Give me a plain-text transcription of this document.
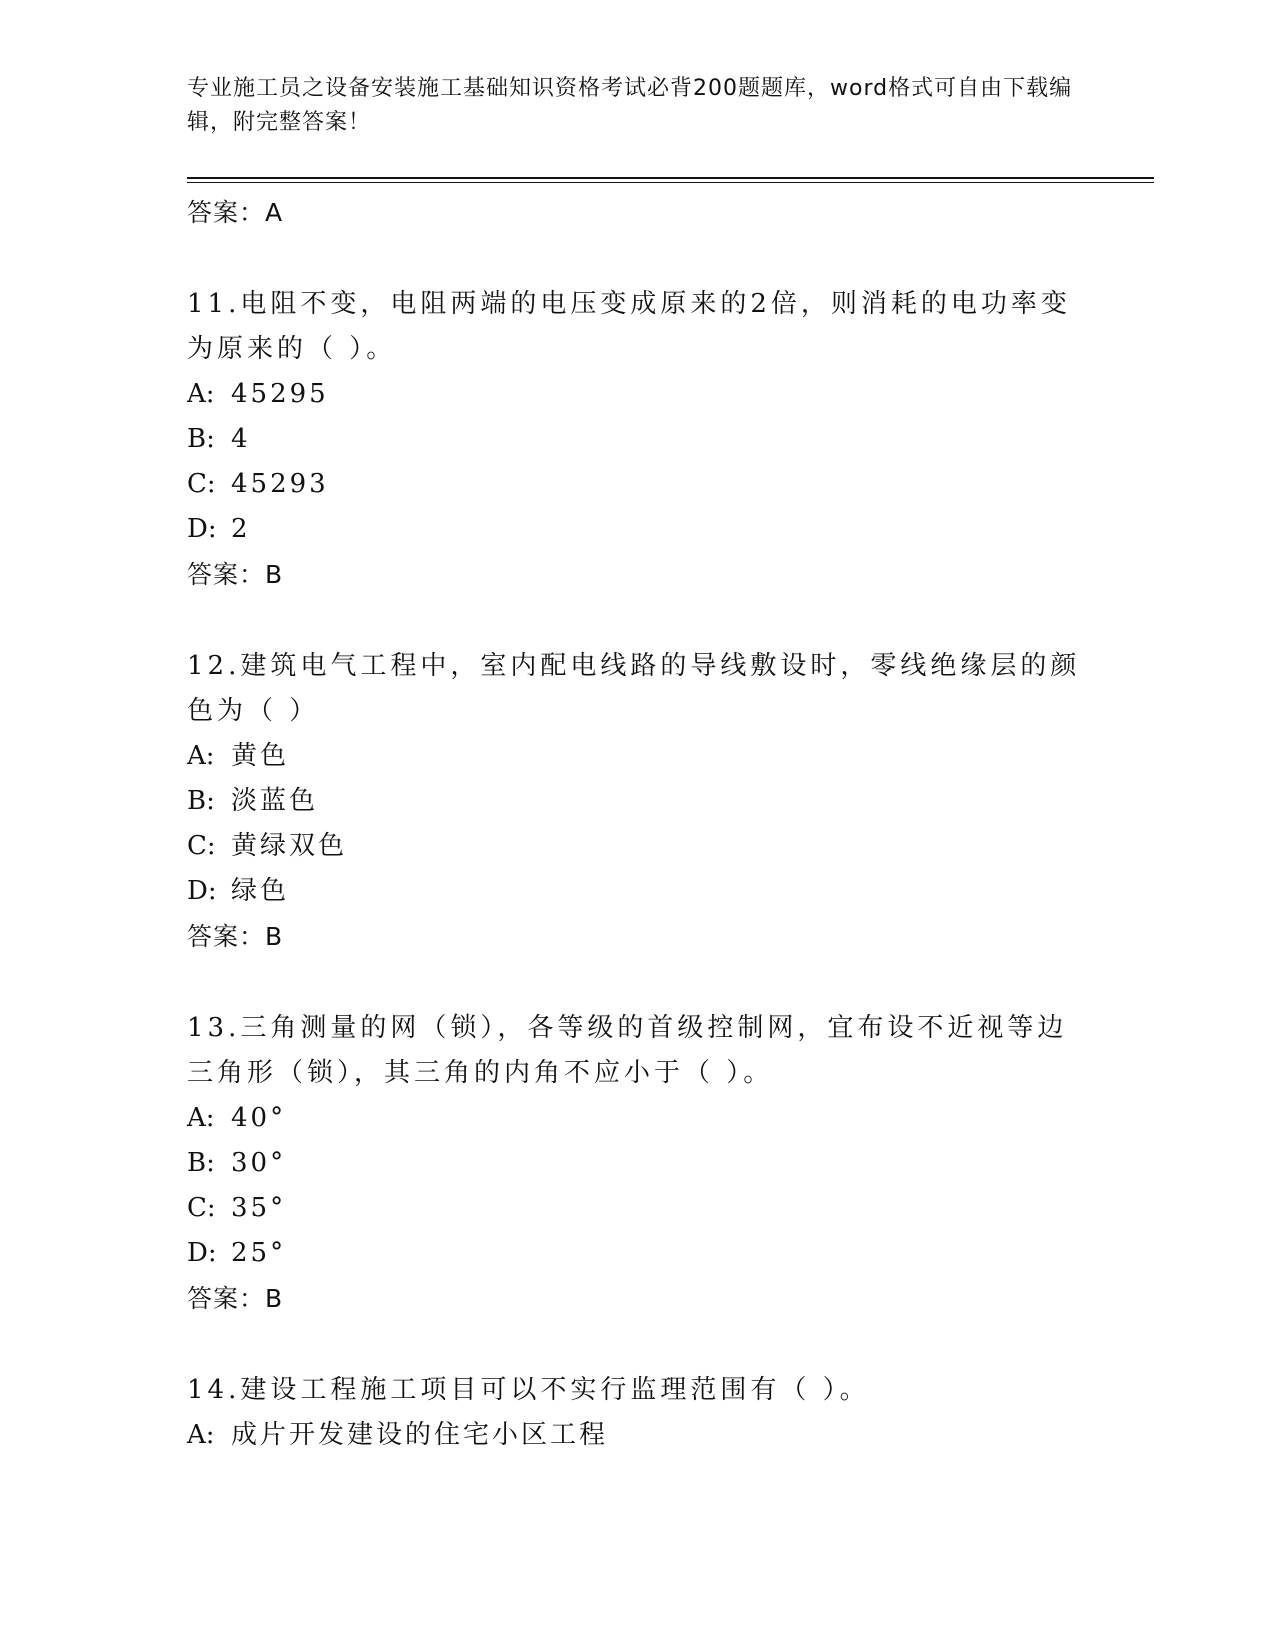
专业施工员之设备安装施工基础知识资格考试必背200题题库，word格式可自由下载编辑，附完整答案！
答案：A
11.电阻不变，电阻两端的电压变成原来的2倍，则消耗的电功率变为原来的（ ）。
A: 45295
B: 4
C: 45293
D: 2
答案：B
12.建筑电气工程中，室内配电线路的导线敷设时，零线绝缘层的颜色为（ ）
A: 黄色
B: 淡蓝色
C: 黄绿双色
D: 绿色
答案：B
13.三角测量的网（锁），各等级的首级控制网，宜布设不近视等边三角形（锁），其三角的内角不应小于（ ）。
A: 40°
B: 30°
C: 35°
D: 25°
答案：B
14.建设工程施工项目可以不实行监理范围有（ ）。
A: 成片开发建设的住宅小区工程
